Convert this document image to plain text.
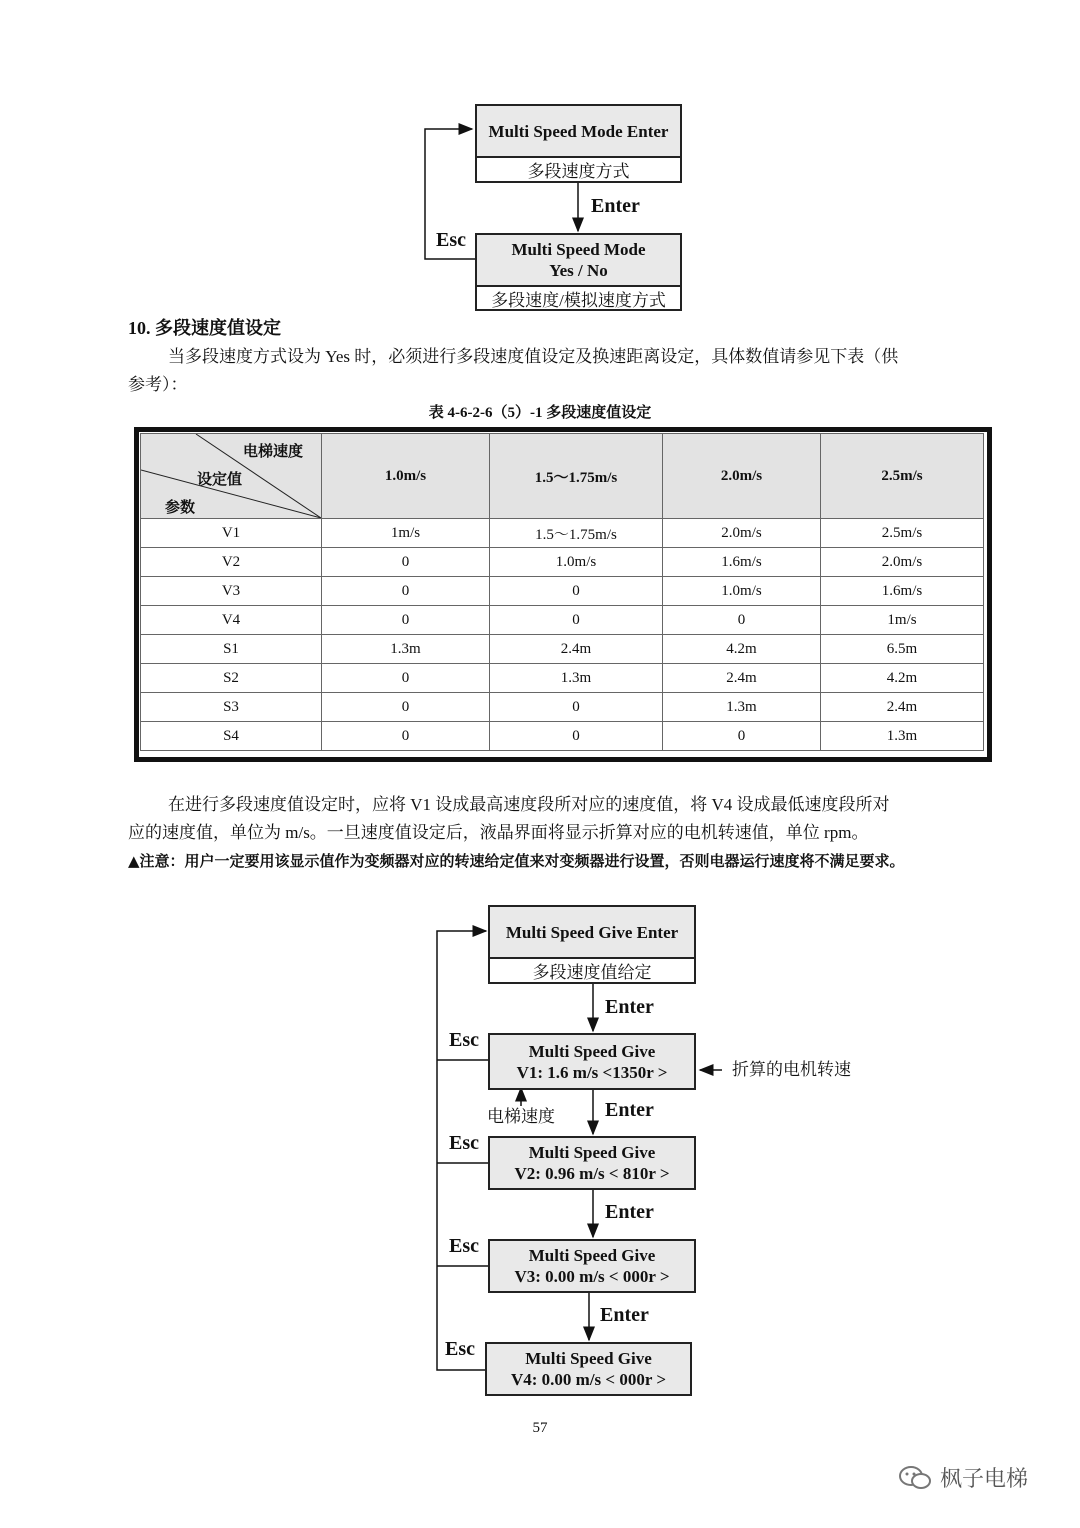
Multi Speed Mode Enter
多段速度方式
Enter
Esc	Multi Speed Mode
Yes / No
多段速度/模拟速度方式
10. 多段速度值设定
当多段速度方式设为 Yes 时，必须进行多段速度值设定及换速距离设定，具体数值请参见下表（供
参考）：
表 4-6-2-6（5）-1 多段速度值设定
电梯速度
设定值
参数	1.0m/s	1.5～1.75m/s	2.0m/s	2.5m/s
V1	1m/s	1.5～1.75m/s	2.0m/s	2.5m/s
V2	0	1.0m/s	1.6m/s	2.0m/s
V3	0	0	1.0m/s	1.6m/s
V4	0	0	0	1m/s
S1	1.3m	2.4m	4.2m	6.5m
S2	0	1.3m	2.4m	4.2m
S3	0	0	1.3m	2.4m
S4	0	0	0	1.3m
在进行多段速度值设定时，应将 V1 设成最高速度段所对应的速度值，将 V4 设成最低速度段所对
应的速度值，单位为 m/s。一旦速度值设定后，液晶界面将显示折算对应的电机转速值，单位 rpm。
▲注意：用户一定要用该显示值作为变频器对应的转速给定值来对变频器进行设置，否则电器运行速度将不满足要求。
Multi Speed Give Enter
多段速度值给定
Enter
Esc	Multi Speed Give
V1: 1.6 m/s <1350r >	折算的电机转速
电梯速度	Enter
Esc	Multi Speed Give
V2: 0.96 m/s < 810r >
Enter
Esc	Multi Speed Give
V3: 0.00 m/s < 000r >
Enter
Esc	Multi Speed Give
V4: 0.00 m/s < 000r >
57
枫子电梯
